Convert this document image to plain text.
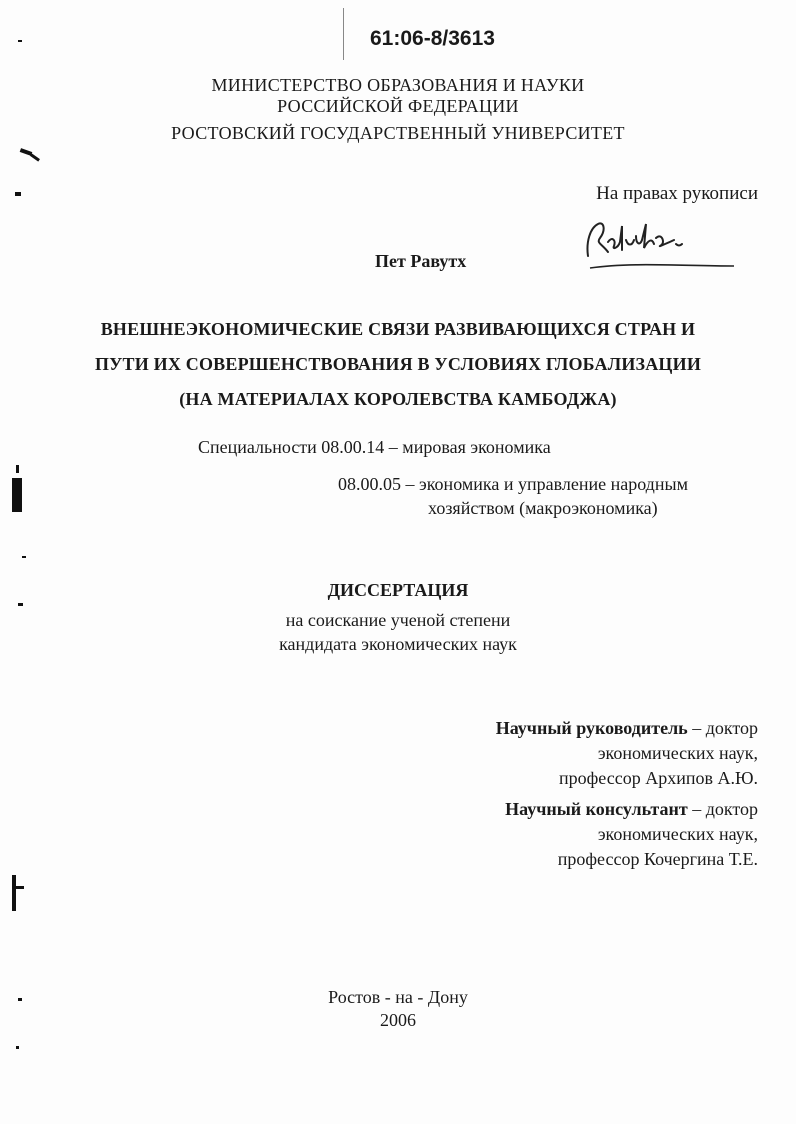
61:06-8/3613
МИНИСТЕРСТВО ОБРАЗОВАНИЯ И НАУКИ
РОССИЙСКОЙ ФЕДЕРАЦИИ
РОСТОВСКИЙ ГОСУДАРСТВЕННЫЙ УНИВЕРСИТЕТ
На правах рукописи
Пет Равутх
ВНЕШНЕЭКОНОМИЧЕСКИЕ СВЯЗИ РАЗВИВАЮЩИХСЯ СТРАН И
ПУТИ ИХ СОВЕРШЕНСТВОВАНИЯ В УСЛОВИЯХ ГЛОБАЛИЗАЦИИ
(НА МАТЕРИАЛАХ КОРОЛЕВСТВА КАМБОДЖА)
Специальности 08.00.14 – мировая экономика
08.00.05 – экономика и управление народным
хозяйством (макроэкономика)
ДИССЕРТАЦИЯ
на соискание ученой степени
кандидата экономических наук
Научный руководитель – доктор
экономических наук,
профессор Архипов А.Ю.
Научный консультант – доктор
экономических наук,
профессор Кочергина Т.Е.
Ростов - на - Дону
2006
